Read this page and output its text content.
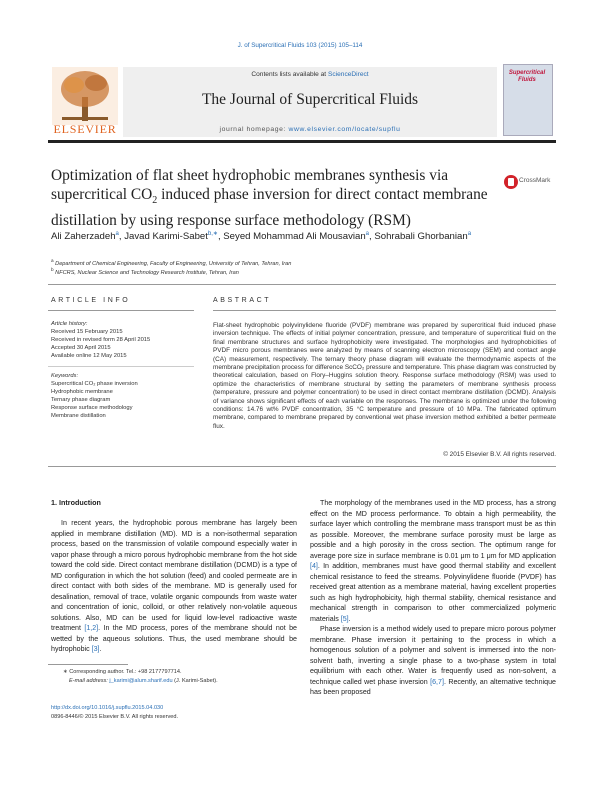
J. of Supercritical Fluids 103 (2015) 105–114
Contents lists available at ScienceDirect
The Journal of Supercritical Fluids
journal homepage: www.elsevier.com/locate/supflu
ELSEVIER
Supercritical Fluids
Optimization of flat sheet hydrophobic membranes synthesis via supercritical $CO_2$ induced phase inversion for direct contact membrane distillation by using response surface methodology (RSM)
CrossMark
Ali Zaherzadeh$^a$, Javad Karimi-Sabet$^{b,∗}$, Seyed Mohammad Ali Mousavian$^a$, Sohrabali Ghorbanian$^a$
$^a$ Department of Chemical Engineering, Faculty of Engineering, University of Tehran, Tehran, Iran
$^b$ NFCRS, Nuclear Science and Technology Research Institute, Tehran, Iran
ARTICLE INFO	ABSTRACT
Article history:
Received 15 February 2015
Received in revised form 28 April 2015
Accepted 30 April 2015
Available online 12 May 2015
Keywords:
Supercritical CO₂ phase inversion
Hydrophobic membrane
Ternary phase diagram
Response surface methodology
Membrane distillation
Flat-sheet hydrophobic polyvinylidene fluoride (PVDF) membrane was prepared by supercritical fluid induced phase inversion technique. The effects of initial polymer concentration, pressure, and temperature of supercritical fluid on the final membrane structures and surface hydrophobicity were investigated. The morphologies and hydrophobicities of PVDF micro porous membranes were analyzed by means of scanning electron microscopy (SEM) and contact angle (CA) measurement, respectively. The ternary theory phase diagram will evaluate the thermodynamic aspects of the membrane precipitation process for difference ScCO₂ pressure and temperature. This phase diagram was constructed by theoretical calculation, based on Flory–Huggins solution theory. Response surface methodology (RSM) was used to optimize the characteristics of membrane structural by setting the parameters of membrane synthesis process (temperature, pressure and polymer concentration) to be used in direct contact membrane distillation (DCMD). Analysis of variance shows significant effects of each variable on the responses. The membrane is optimized under the following conditions: 14.76 wt% PVDF concentration, 35 °C temperature and pressure of 10 MPa. The fabricated optimum membrane, compared to membrane prepared by conventional wet phase inversion method exhibited a better permeate flux.
© 2015 Elsevier B.V. All rights reserved.
1. Introduction

In recent years, the hydrophobic porous membrane has largely been applied in membrane distillation (MD). MD is a non-isothermal separation process, based on the transmission of volatile compound especially water in vapor phase through a micro porous hydrophobic membrane from the hot side toward the cold side. Direct contact membrane distillation (DCMD) is a type of MD configuration in which the hot solution (feed) and cooled permeate are in direct contact with both sides of the membrane. MD is generally used for desalination, removal of trace, volatile organic compounds from waste water and concentration of ionic, colloid, or other relatively non-volatile aqueous solutions. Also, MD can be used for liquid low-level radioactive waste treatment [1,2]. In the MD process, pores of the membrane should not be wetted by the aqueous solutions. Thus, the used membrane should be hydrophobic [3].

The morphology of the membranes used in the MD process, has a strong effect on the MD process performance. To obtain a high permeability, the surface layer which controlling the membrane mass transport must be as thin as possible. Moreover, the membrane surface porosity must be large as possible and a high porosity in the cross section. The optimum range for average pore size in surface membrane is 0.01 μm to 1 μm for MD application [4]. In addition, membranes must have good thermal stability and excellent chemical resistance to feed the streams. Polyvinylidene fluoride (PVDF) has received great attention as a membrane material, having excellent properties such as high hydrophobicity, high thermal stability, chemical resistance and mechanical strength in comparison to other commercialized polymeric materials [5].

Phase inversion is a method widely used to prepare micro porous polymer membrane. Phase inversion it pertaining to the process in which a homogenous solution of a polymer and solvent is immersed into the non-solvent bath, inverting a single phase to a two-phase system in total equilibrium with each other. Water is frequently used as non-solvent, a technique called wet phase inversion [6,7]. Recently, an alternative technique has been proposed

∗ Corresponding author. Tel.: +98 2177797714.
E-mail address: j_karimi@alum.sharif.edu (J. Karimi-Sabet).
http://dx.doi.org/10.1016/j.supflu.2015.04.030
0896-8446/© 2015 Elsevier B.V. All rights reserved.
